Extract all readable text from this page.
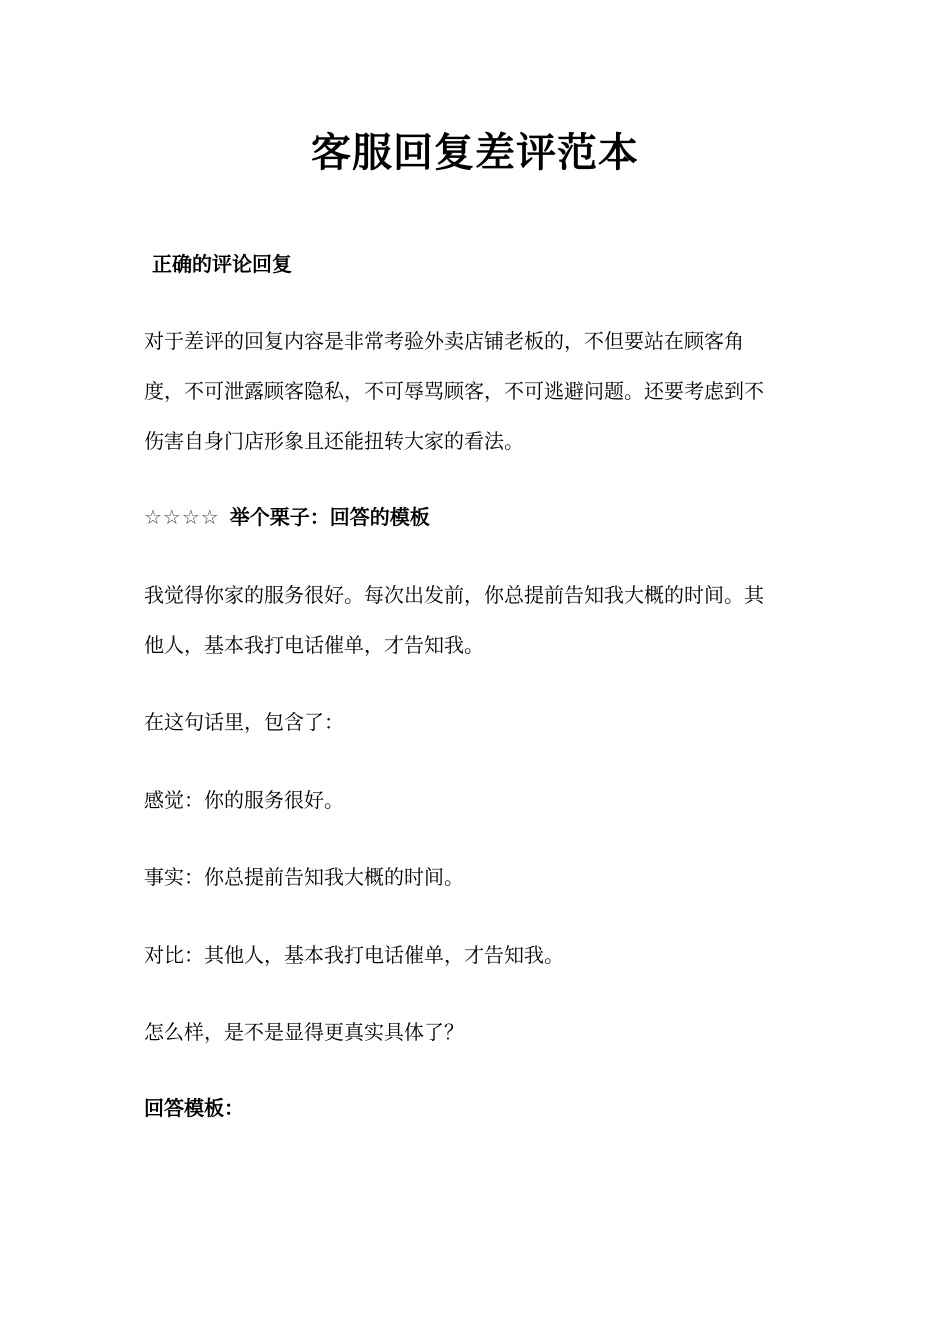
客服回复差评范本
正确的评论回复
对于差评的回复内容是非常考验外卖店铺老板的，不但要站在顾客角
度，不可泄露顾客隐私，不可辱骂顾客，不可逃避问题。还要考虑到不
伤害自身门店形象且还能扭转大家的看法。
☆☆☆☆ 举个栗子：回答的模板
我觉得你家的服务很好。每次出发前，你总提前告知我大概的时间。其
他人，基本我打电话催单，才告知我。
在这句话里，包含了：
感觉：你的服务很好。
事实：你总提前告知我大概的时间。
对比：其他人，基本我打电话催单，才告知我。
怎么样，是不是显得更真实具体了？
回答模板：
